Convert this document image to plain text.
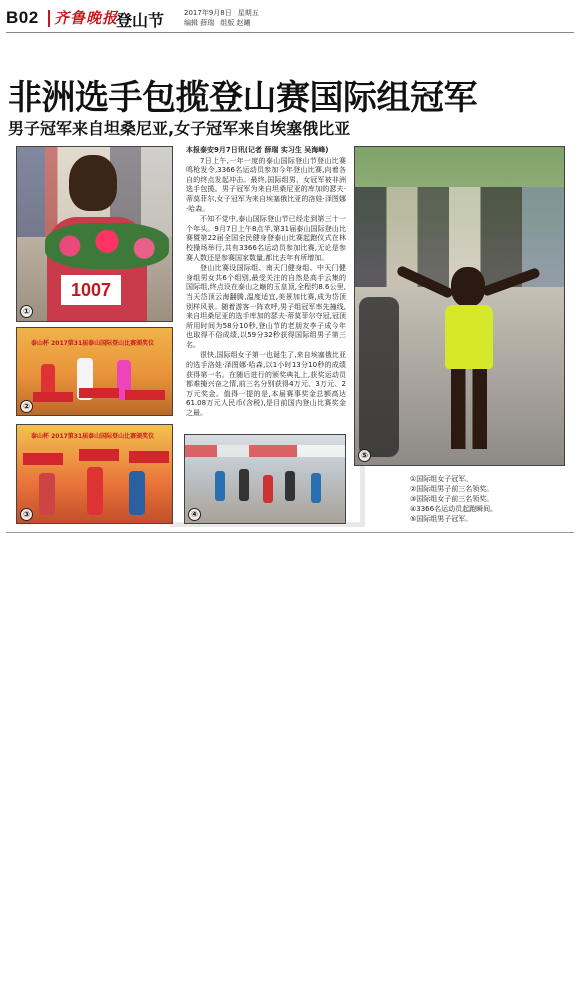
B02 齐鲁晚报
登山节	2017年9月8日 星期五
编辑 薛瑞 组版 赵曦
非洲选手包揽登山赛国际组冠军
男子冠军来自坦桑尼亚,女子冠军来自埃塞俄比亚
1007
①
泰山杯 2017第31届泰山国际登山比赛颁奖仪
②
泰山杯 2017第31届泰山国际登山比赛颁奖仪
③	④
⑤

本报泰安9月7日讯(记者 薛瑞 实习生 吴海峰)

7日上午,一年一度的泰山国际登山节登山比赛鸣枪发令,3366名运动员参加今年登山比赛,向着各自的终点发起冲击。最终,国际组男、女冠军被非洲选手包揽。男子冠军为来自坦桑尼亚的库加的瑟夫·蒂莫菲尔,女子冠军为来自埃塞俄比亚的洛娃·泽图娜·哈森。

不知不觉中,泰山国际登山节已经走到第三十一个年头。9月7日上午8点半,第31届泰山国际登山比赛暨第22届全国全民健身登泰山比赛起跑仪式在林校操场举行,共有3366名运动员参加比赛,无论是参赛人数还是参赛国家数量,都比去年有所增加。

登山比赛设国际组、南天门健身组、中天门健身组男女共6个组别,最受关注的自然是高手云集的国际组,终点设在泰山之巅的玉皇顶,全程约8.6公里,当天岱顶云海翻腾,温度适宜,美景加比赛,成为岱顶别样风景。随着游客一阵欢呼,男子组冠军率先撞线,来自坦桑尼亚的选手库加的瑟夫·蒂莫菲尔夺冠,冠顶所用时间为58分10秒,登山节的老朋友李子成今年也取得不俗成绩,以59分32秒获得国际组男子第三名。

很快,国际组女子第一也诞生了,来自埃塞俄比亚的选手洛娃·泽图娜·哈森,以1小时13分10秒的成绩获得第一名。在随后进行的颁奖典礼上,获奖运动员都难掩兴奋之情,前三名分别获得4万元、3万元、2万元奖金。值得一提的是,本届赛事奖金总额高达61.08万元人民币(含税),是目前国内登山比赛奖金之最。

①国际组女子冠军。
②国际组男子前三名领奖。
③国际组女子前三名领奖。
④3366名运动员起跑瞬间。
⑤国际组男子冠军。
